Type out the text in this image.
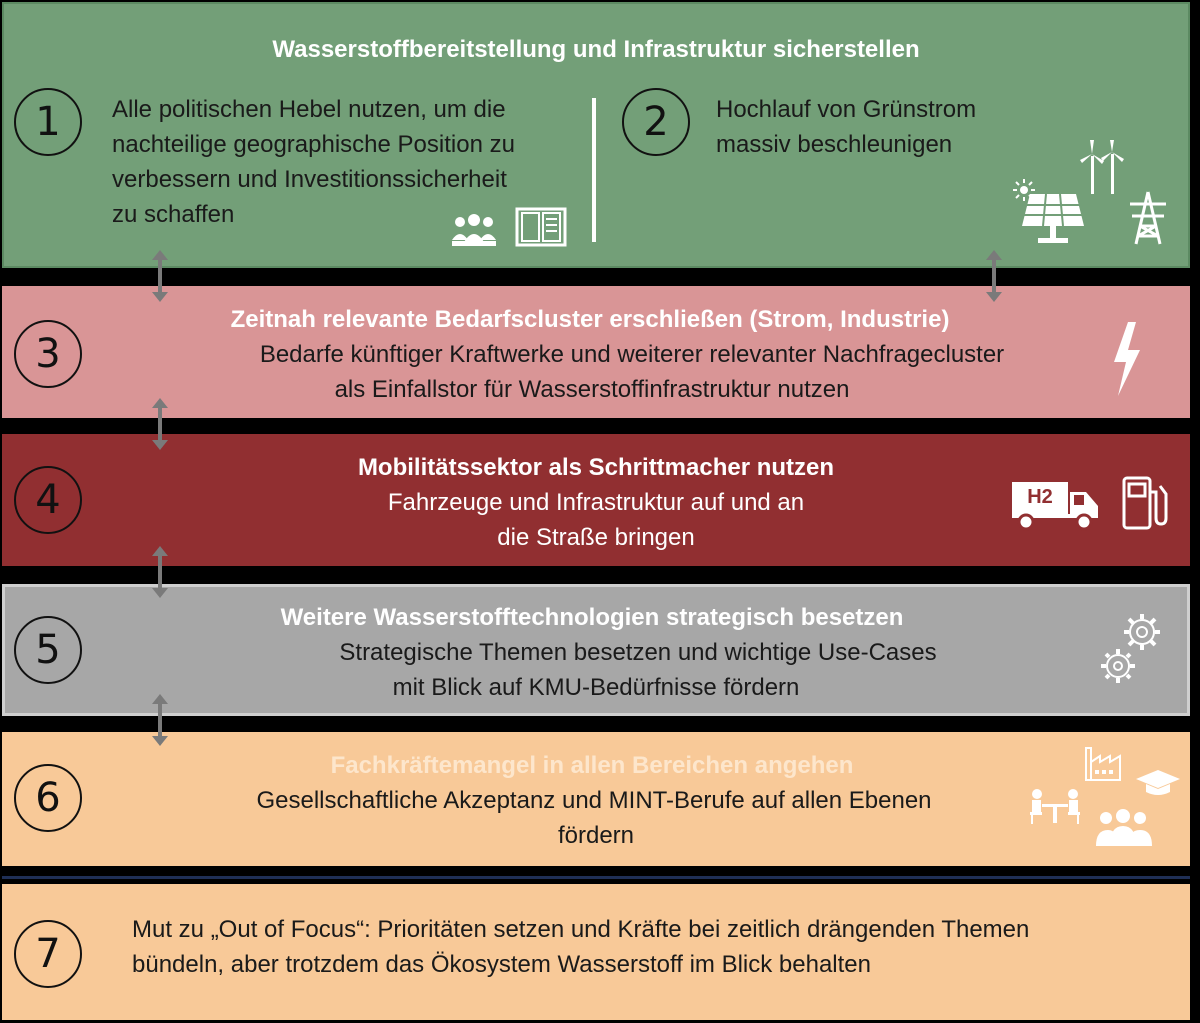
Wasserstoffbereitstellung und Infrastruktur sicherstellen
1	Alle politischen Hebel nutzen, um die
nachteilige geographische Position zu
verbessern und Investitionssicherheit
zu schaffen
2	Hochlauf von Grünstrom
massiv beschleunigen
3
Zeitnah relevante Bedarfscluster erschließen (Strom, Industrie)
Bedarfe künftiger Kraftwerke und weiterer relevanter Nachfragecluster
als Einfallstor für Wasserstoffinfrastruktur nutzen
4
Mobilitätssektor als Schrittmacher nutzen
Fahrzeuge und Infrastruktur auf und an
die Straße bringen
H2
5
Weitere Wasserstofftechnologien strategisch besetzen
Strategische Themen besetzen und wichtige Use-Cases
mit Blick auf KMU-Bedürfnisse fördern
6
Fachkräftemangel in allen Bereichen angehen
Gesellschaftliche Akzeptanz und MINT-Berufe auf allen Ebenen
fördern
7
Mut zu „Out of Focus“: Prioritäten setzen und Kräfte bei zeitlich drängenden Themen
bündeln, aber trotzdem das Ökosystem Wasserstoff im Blick behalten
